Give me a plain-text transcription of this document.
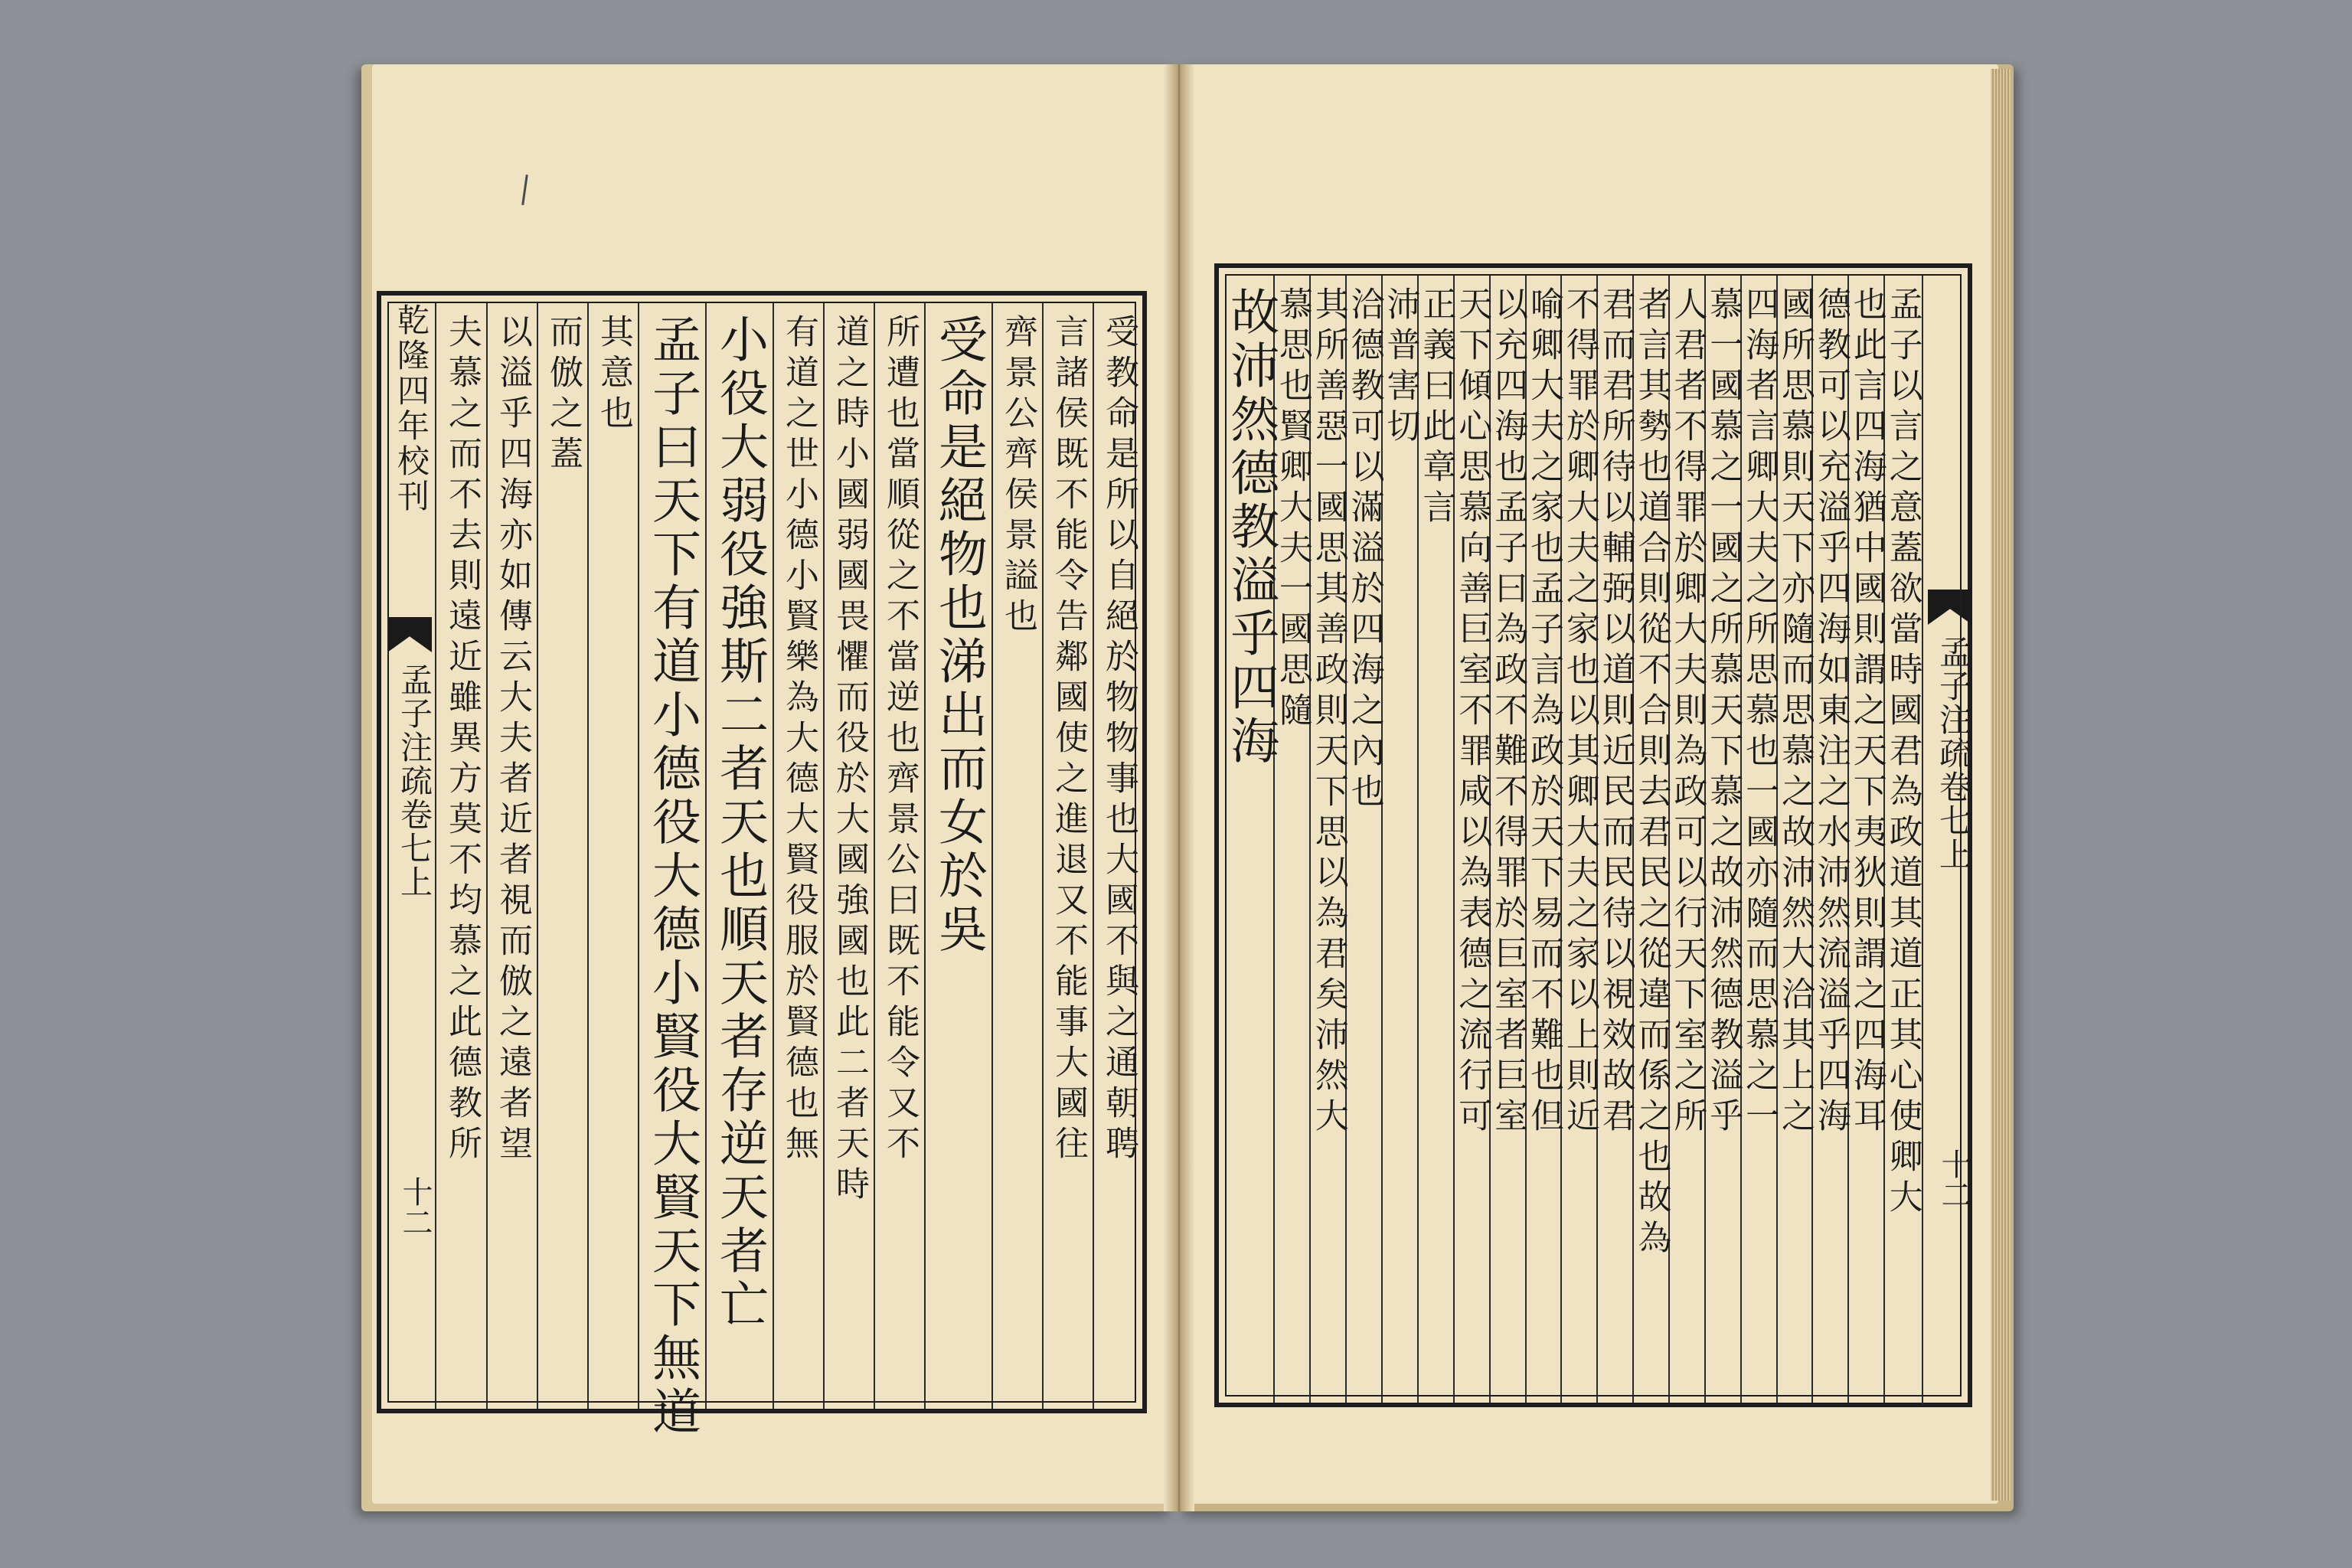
乾隆四年校刊
孟子注疏卷七上
十二
受教命是所以自絕於物物事也大國不與之通朝聘
言諸侯既不能令告鄰國使之進退又不能事大國往
齊景公齊侯景謚也
受命是絕物也涕出而女於吳
所遭也當順從之不當逆也齊景公曰既不能令又不
道之時小國弱國畏懼而役於大國強國也此二者天時
有道之世小德小賢樂為大德大賢役服於賢德也無
小役大弱役強斯二者天也順天者存逆天者亡
孟子曰天下有道小德役大德小賢役大賢天下無道
其意也
而倣之蓋
以溢乎四海亦如傳云大夫者近者視而倣之遠者望
夫慕之而不去則遠近雖異方莫不均慕之此德教所	孟子以言之意蓋欲當時國君為政道其道正其心使卿大
也此言四海猶中國則謂之天下夷狄則謂之四海耳
德教可以充溢乎四海如東注之水沛然流溢乎四海
國所思慕則天下亦隨而思慕之故沛然大洽其上之
四海者言卿大夫之所思慕也一國亦隨而思慕之一
慕一國慕之一國之所慕天下慕之故沛然德教溢乎
人君者不得罪於卿大夫則為政可以行天下室之所
者言其勢也道合則從不合則去君民之從違而係之也故為
君而君所待以輔弼以道則近民而民待以視效故君
不得罪於卿大夫之家也以其卿大夫之家以上則近
喻卿大夫之家也孟子言為政於天下易而不難也但
以充四海也孟子曰為政不難不得罪於巨室者巨室
天下傾心思慕向善巨室不罪咸以為表德之流行可
正義曰此章言
沛普害切
洽德教可以滿溢於四海之內也
其所善惡一國思其善政則天下思以為君矣沛然大
慕思也賢卿大夫一國思隨
故沛然德教溢乎四海	孟子注疏卷七上
十二
